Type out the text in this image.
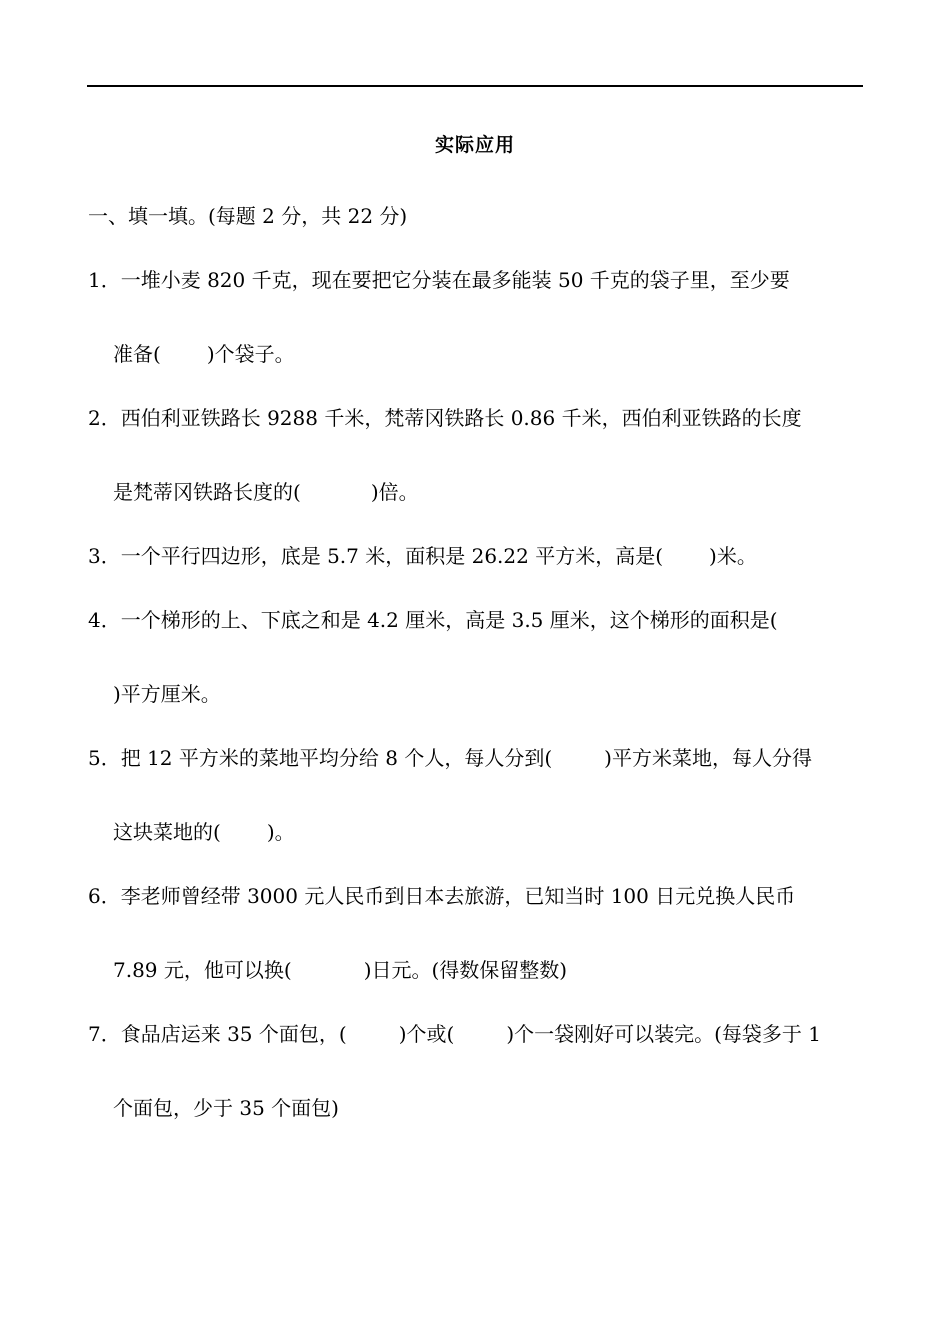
实际应用
一、填一填。(每题 2 分，共 22 分)
1．一堆小麦 820 千克，现在要把它分装在最多能装 50 千克的袋子里，至少要
准备( )个袋子。
2．西伯利亚铁路长 9288 千米，梵蒂冈铁路长 0.86 千米，西伯利亚铁路的长度
是梵蒂冈铁路长度的(	)倍。
3．一个平行四边形，底是 5.7 米，面积是 26.22 平方米，高是( )米。
4．一个梯形的上、下底之和是 4.2 厘米，高是 3.5 厘米，这个梯形的面积是(
)平方厘米。
5．把 12 平方米的菜地平均分给 8 个人，每人分到(	)平方米菜地，每人分得
这块菜地的( )。
6．李老师曾经带 3000 元人民币到日本去旅游，已知当时 100 日元兑换人民币
7.89 元，他可以换(	)日元。(得数保留整数)
7．食品店运来 35 个面包，(	)个或(	)个一袋刚好可以装完。(每袋多于 1
个面包，少于 35 个面包)
